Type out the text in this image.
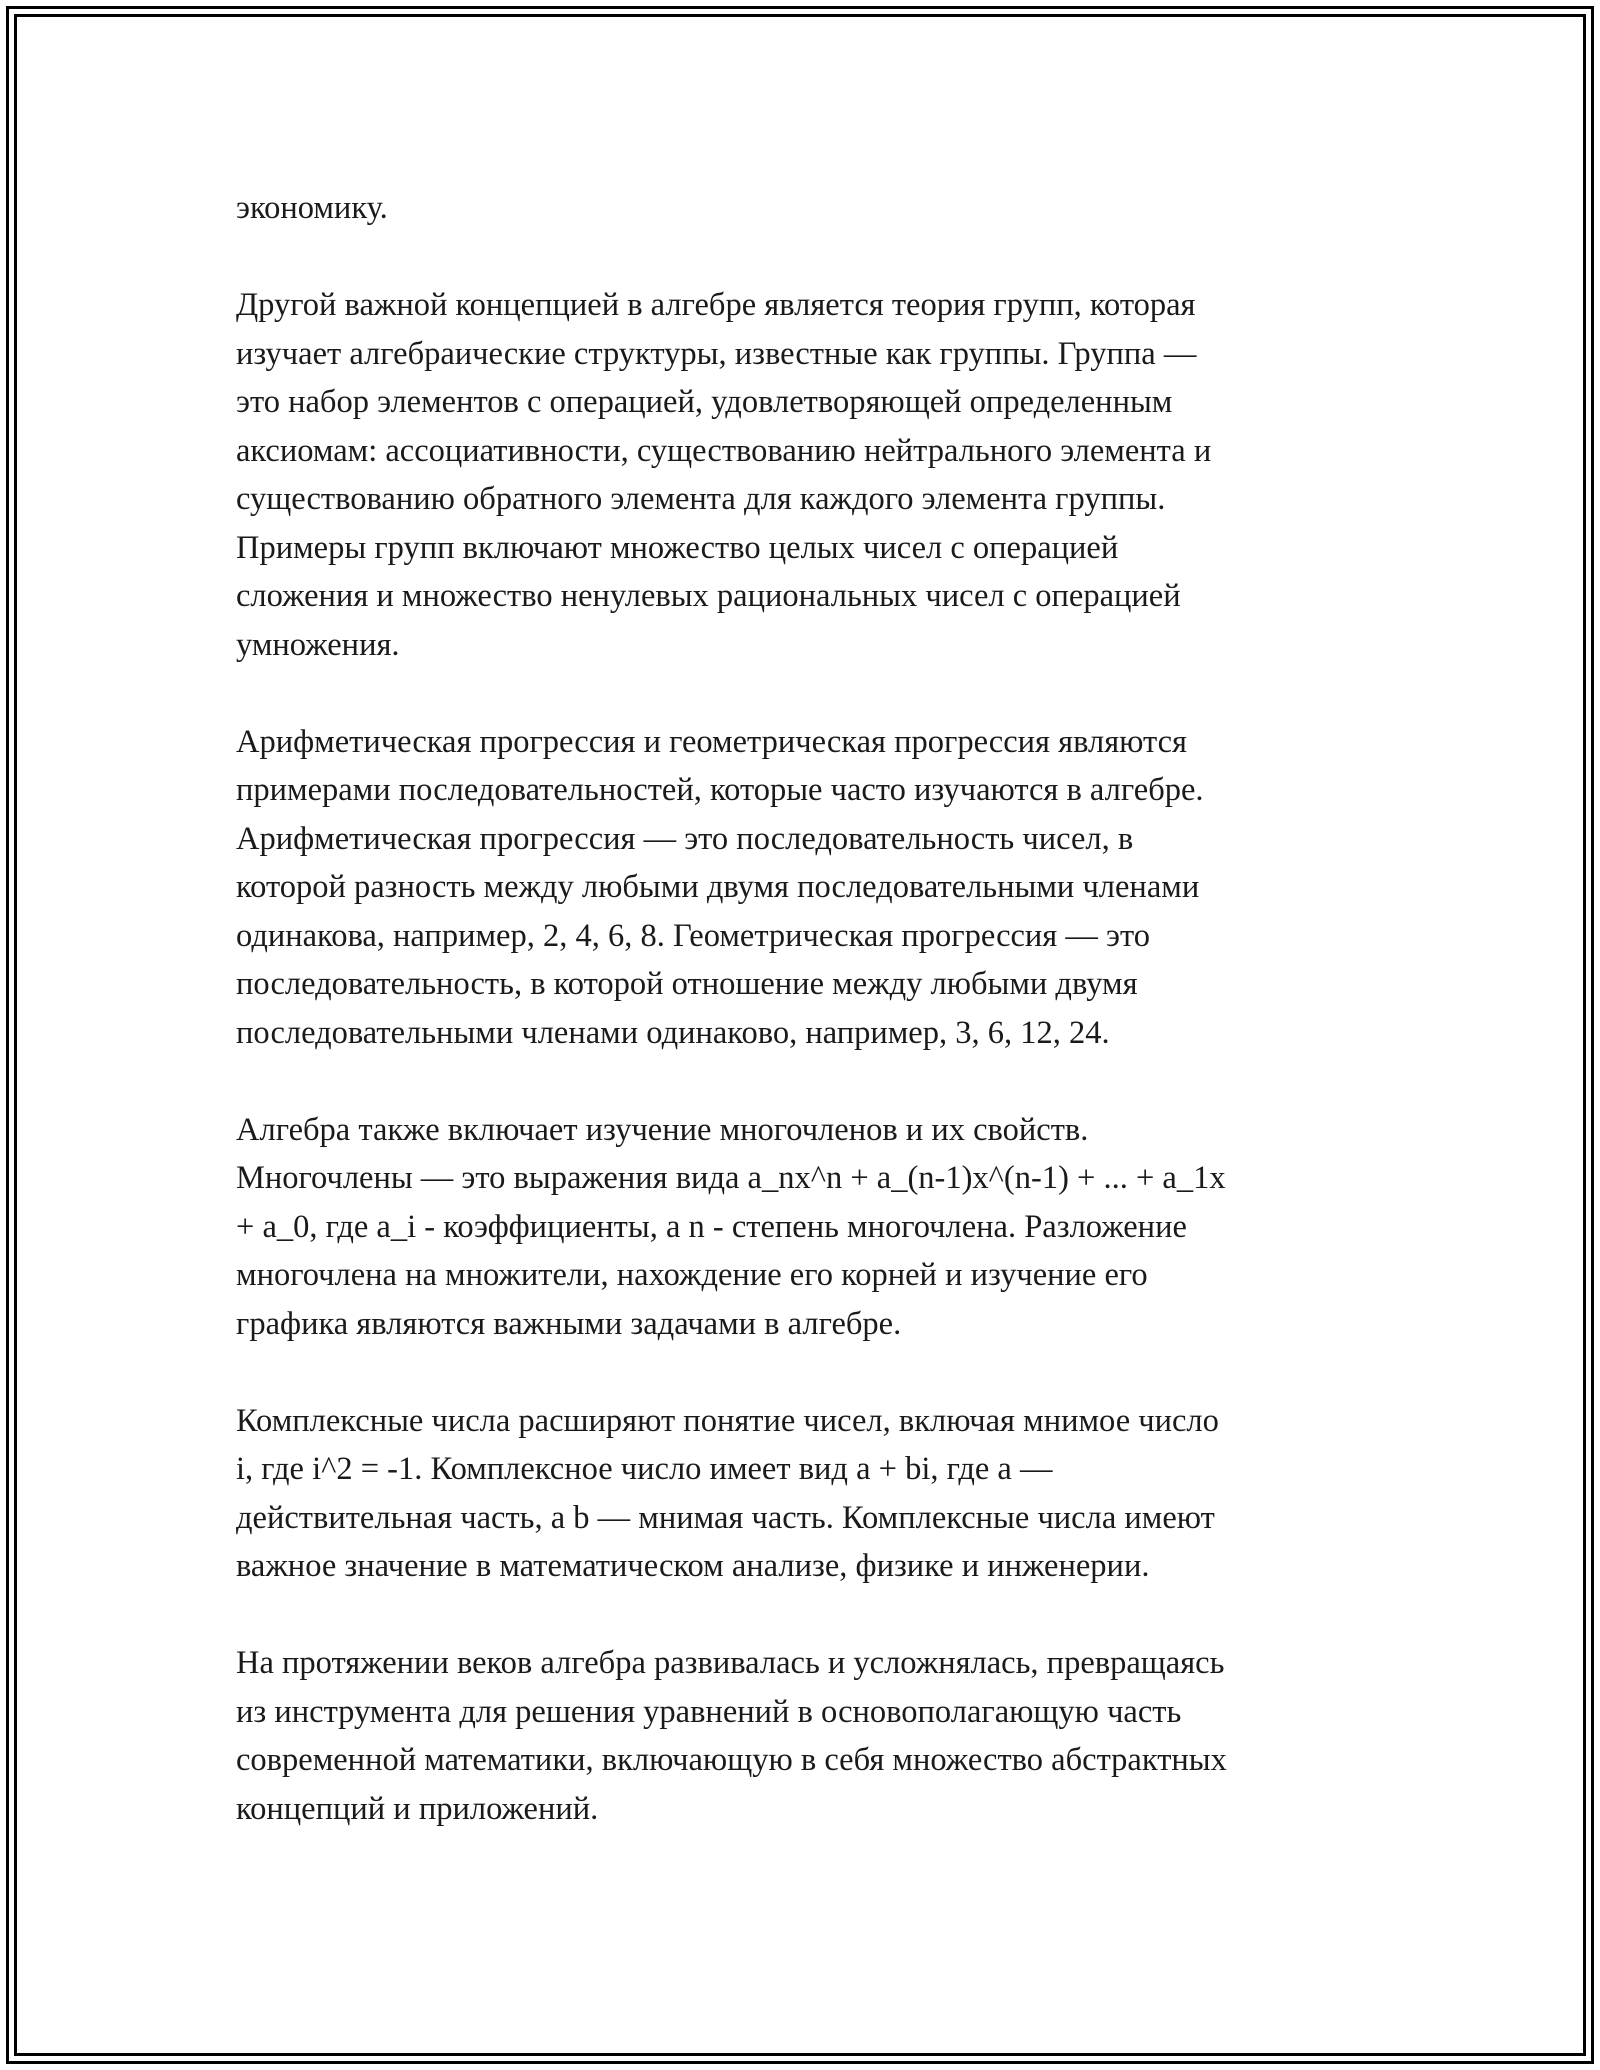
экономику.

Другой важной концепцией в алгебре является теория групп, которая
изучает алгебраические структуры, известные как группы. Группа —
это набор элементов с операцией, удовлетворяющей определенным
аксиомам: ассоциативности, существованию нейтрального элемента и
существованию обратного элемента для каждого элемента группы.
Примеры групп включают множество целых чисел с операцией
сложения и множество ненулевых рациональных чисел с операцией
умножения.

Арифметическая прогрессия и геометрическая прогрессия являются
примерами последовательностей, которые часто изучаются в алгебре.
Арифметическая прогрессия — это последовательность чисел, в
которой разность между любыми двумя последовательными членами
одинакова, например, 2, 4, 6, 8. Геометрическая прогрессия — это
последовательность, в которой отношение между любыми двумя
последовательными членами одинаково, например, 3, 6, 12, 24.

Алгебра также включает изучение многочленов и их свойств.
Многочлены — это выражения вида a_nx^n + a_(n-1)x^(n-1) + ... + a_1x
+ a_0, где a_i - коэффициенты, а n - степень многочлена. Разложение
многочлена на множители, нахождение его корней и изучение его
графика являются важными задачами в алгебре.

Комплексные числа расширяют понятие чисел, включая мнимое число
i, где i^2 = -1. Комплексное число имеет вид a + bi, где a —
действительная часть, а b — мнимая часть. Комплексные числа имеют
важное значение в математическом анализе, физике и инженерии.

На протяжении веков алгебра развивалась и усложнялась, превращаясь
из инструмента для решения уравнений в основополагающую часть
современной математики, включающую в себя множество абстрактных
концепций и приложений.
